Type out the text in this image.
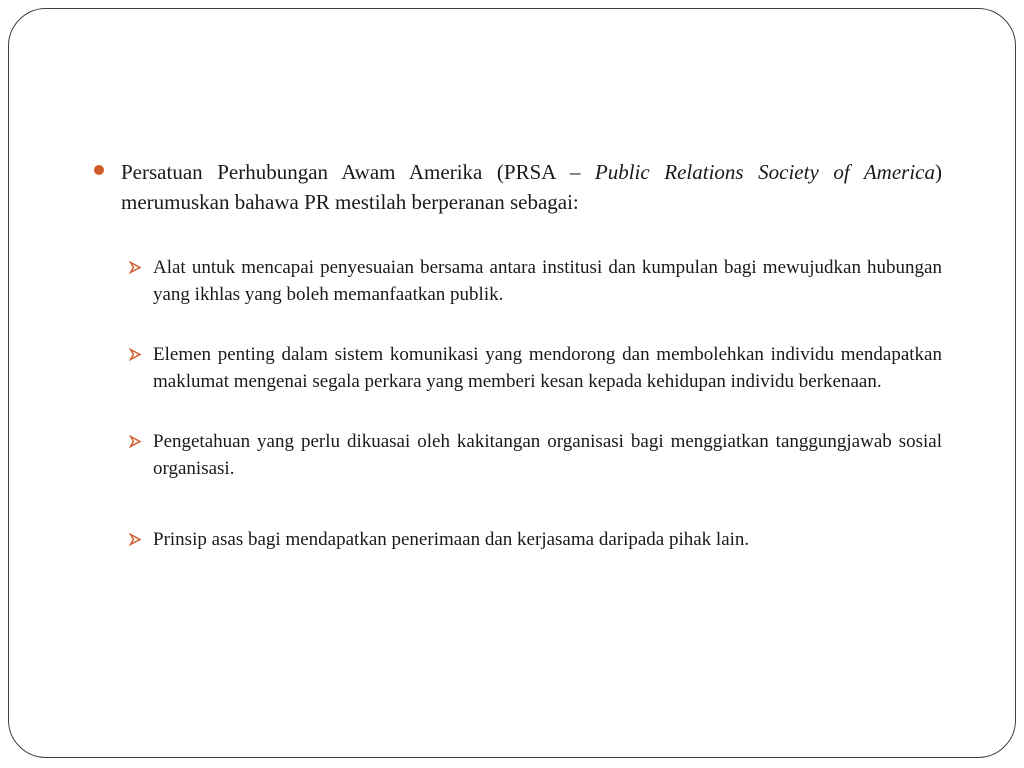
Persatuan Perhubungan Awam Amerika (PRSA – Public Relations Society of America) merumuskan bahawa PR mestilah berperanan sebagai:

Alat untuk mencapai penyesuaian bersama antara institusi dan kumpulan bagi mewujudkan hubungan yang ikhlas yang boleh memanfaatkan publik.
Elemen penting dalam sistem komunikasi yang mendorong dan membolehkan individu mendapatkan maklumat mengenai segala perkara yang memberi kesan kepada kehidupan individu berkenaan.
Pengetahuan yang perlu dikuasai oleh kakitangan organisasi bagi menggiatkan tanggungjawab sosial organisasi.
Prinsip asas bagi mendapatkan penerimaan dan kerjasama daripada pihak lain.
